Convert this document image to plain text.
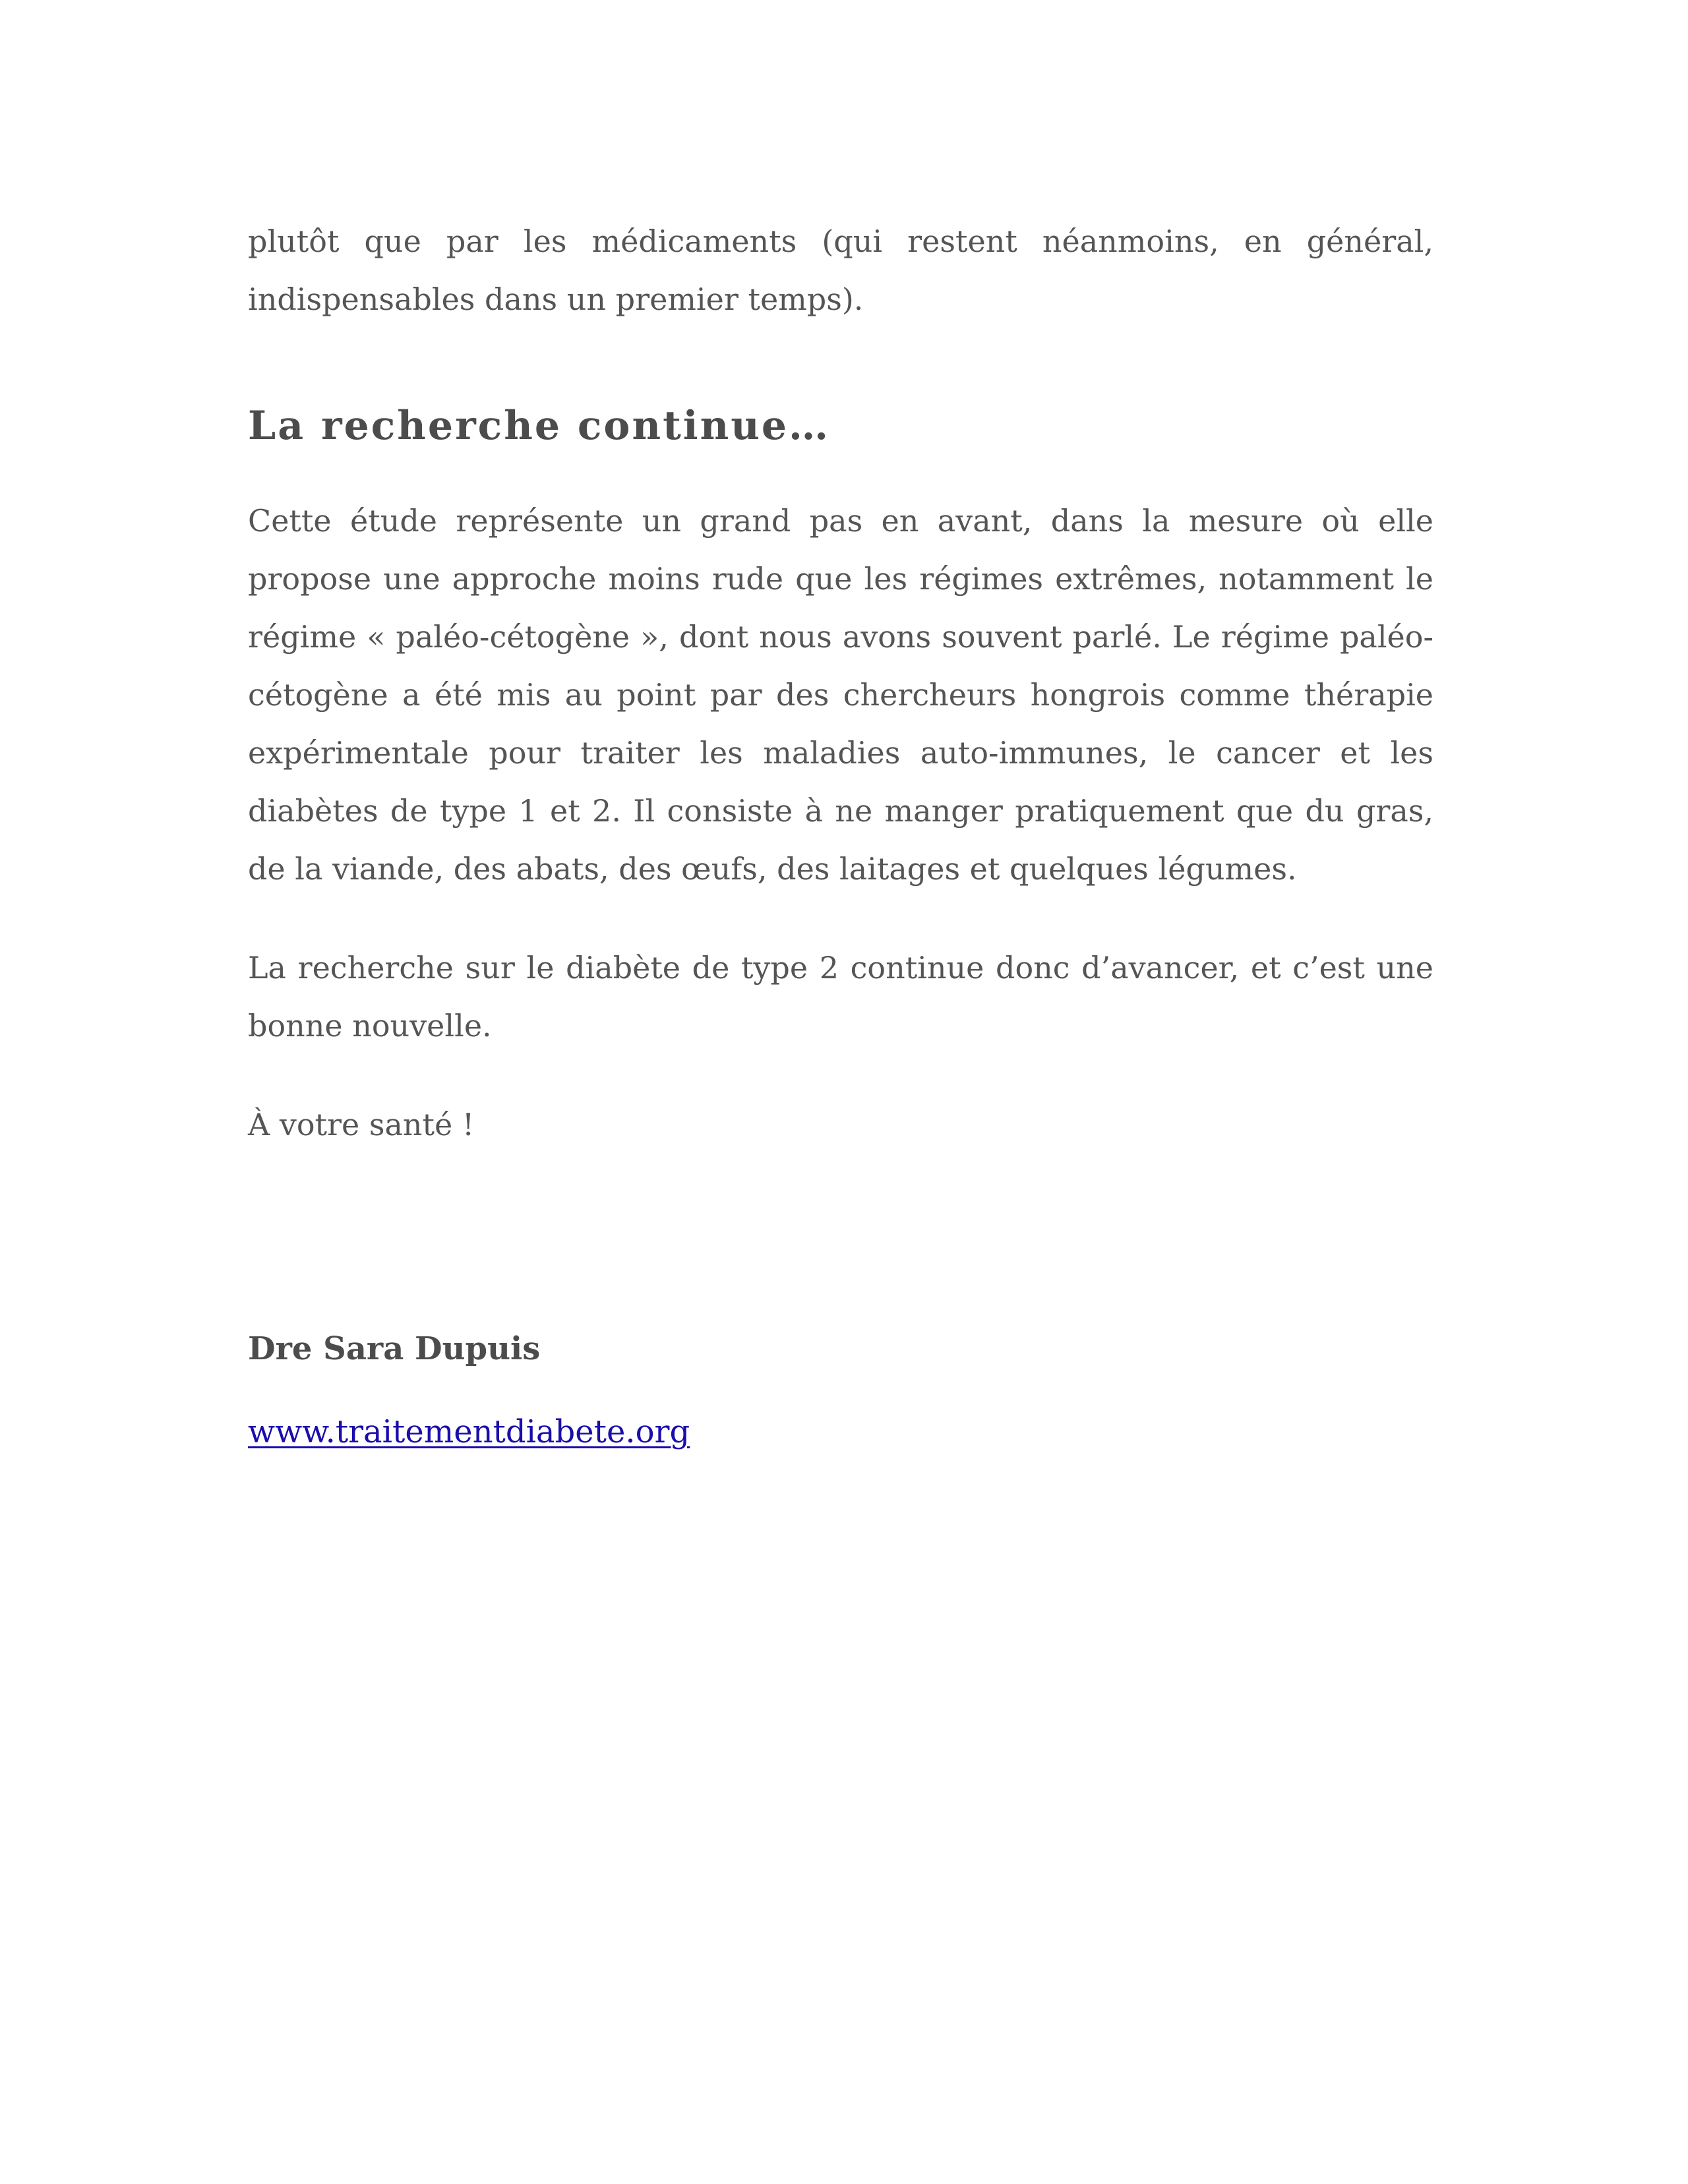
plutôt que par les médicaments (qui restent néanmoins, en général, indispensables dans un premier temps).

La recherche continue…

Cette étude représente un grand pas en avant, dans la mesure où elle propose une approche moins rude que les régimes extrêmes, notamment le régime « paléo-cétogène », dont nous avons souvent parlé. Le régime paléo-cétogène a été mis au point par des chercheurs hongrois comme thérapie expérimentale pour traiter les maladies auto-immunes, le cancer et les diabètes de type 1 et 2. Il consiste à ne manger pratiquement que du gras, de la viande, des abats, des œufs, des laitages et quelques légumes.

La recherche sur le diabète de type 2 continue donc d’avancer, et c’est une bonne nouvelle.

À votre santé !

Dre Sara Dupuis

www.traitementdiabete.org
